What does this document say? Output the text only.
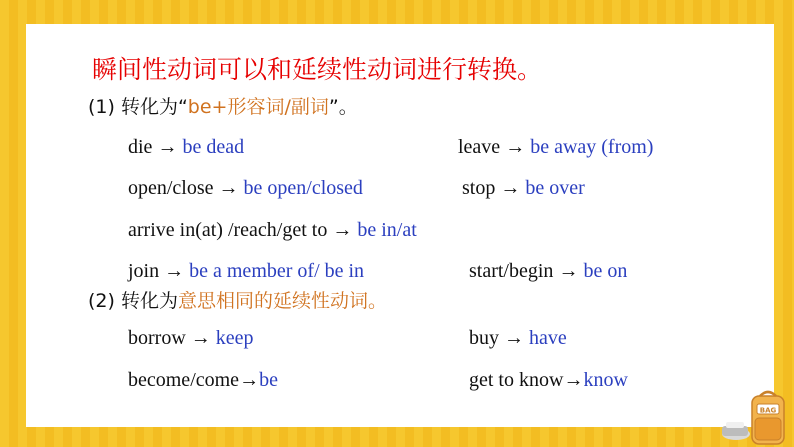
瞬间性动词可以和延续性动词进行转换。
(1) 转化为“be+形容词/副词”。
die → be dead	leave → be away (from)
open/close → be open/closed	stop → be over
arrive in(at) /reach/get to → be in/at
join → be a member of/ be in	start/begin → be on
(2) 转化为意思相同的延续性动词。
borrow → keep	buy → have
become/come→be	get to know→know
BAG
